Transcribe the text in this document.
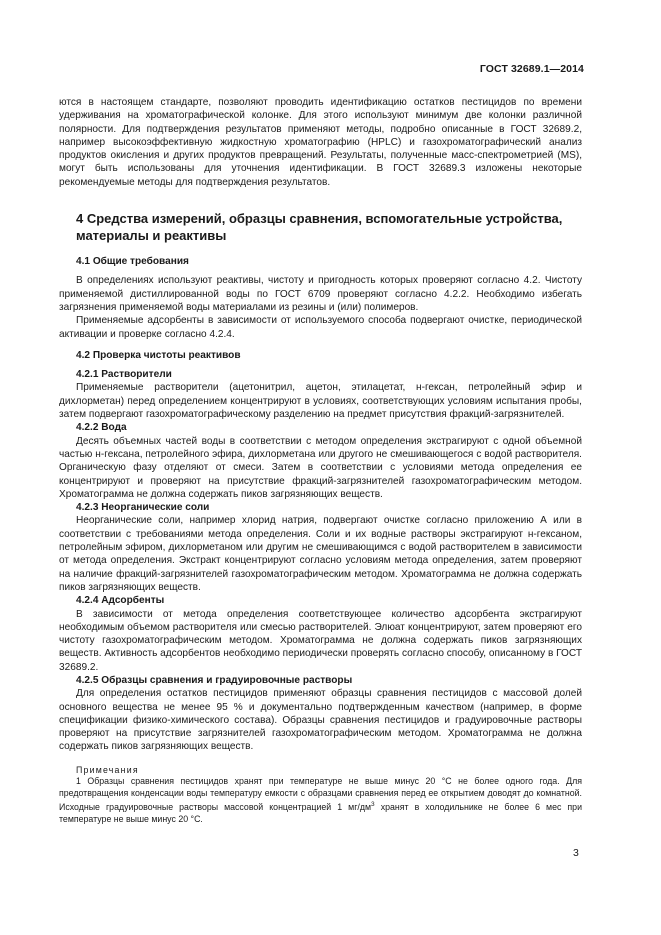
ГОСТ 32689.1—2014

ются в настоящем стандарте, позволяют проводить идентификацию остатков пестицидов по времени удерживания на хроматографической колонке. Для этого используют минимум две колонки различной полярности. Для подтверждения результатов применяют методы, подробно описанные в ГОСТ 32689.2, например высокоэффективную жидкостную хроматографию (HPLC) и газохроматографический анализ продуктов окисления и других продуктов превращений. Результаты, полученные масс-спектрометрией (MS), могут быть использованы для уточнения идентификации. В ГОСТ 32689.3 изложены некоторые рекомендуемые методы для подтверждения результатов.

4 Средства измерений, образцы сравнения, вспомогательные устройства, материалы и реактивы
4.1 Общие требования

В определениях используют реактивы, чистоту и пригодность которых проверяют согласно 4.2. Чистоту применяемой дистиллированной воды по ГОСТ 6709 проверяют согласно 4.2.2. Необходимо избегать загрязнения применяемой воды материалами из резины и (или) полимеров.

Применяемые адсорбенты в зависимости от используемого способа подвергают очистке, периодической активации и проверке согласно 4.2.4.

4.2 Проверка чистоты реактивов
4.2.1 Растворители

Применяемые растворители (ацетонитрил, ацетон, этилацетат, н-гексан, петролейный эфир и дихлорметан) перед определением концентрируют в условиях, соответствующих условиям испытания пробы, затем подвергают газохроматографическому разделению на предмет присутствия фракций-загрязнителей.

4.2.2 Вода

Десять объемных частей воды в соответствии с методом определения экстрагируют с одной объемной частью н-гексана, петролейного эфира, дихлорметана или другого не смешивающегося с водой растворителя. Органическую фазу отделяют от смеси. Затем в соответствии с условиями метода определения ее концентрируют и проверяют на присутствие фракций-загрязнителей газохроматографическим методом. Хроматограмма не должна содержать пиков загрязняющих веществ.

4.2.3 Неорганические соли

Неорганические соли, например хлорид натрия, подвергают очистке согласно приложению А или в соответствии с требованиями метода определения. Соли и их водные растворы экстрагируют н-гексаном, петролейным эфиром, дихлорметаном или другим не смешивающимся с водой растворителем в зависимости от метода определения. Экстракт концентрируют согласно условиям метода определения, затем проверяют на наличие фракций-загрязнителей газохроматографическим методом. Хроматограмма не должна содержать пиков загрязняющих веществ.

4.2.4 Адсорбенты

В зависимости от метода определения соответствующее количество адсорбента экстрагируют необходимым объемом растворителя или смесью растворителей. Элюат концентрируют, затем проверяют его чистоту газохроматографическим методом. Хроматограмма не должна содержать пиков загрязняющих веществ. Активность адсорбентов необходимо периодически проверять согласно способу, описанному в ГОСТ 32689.2.

4.2.5 Образцы сравнения и градуировочные растворы

Для определения остатков пестицидов применяют образцы сравнения пестицидов с массовой долей основного вещества не менее 95 % и документально подтвержденным качеством (например, в форме спецификации физико-химического состава). Образцы сравнения пестицидов и градуировочные растворы проверяют на присутствие загрязнителей газохроматографическим методом. Хроматограмма не должна содержать пиков загрязняющих веществ.

Примечания

1 Образцы сравнения пестицидов хранят при температуре не выше минус 20 °С не более одного года. Для предотвращения конденсации воды температуру емкости с образцами сравнения перед ее открытием доводят до комнатной. Исходные градуировочные растворы массовой концентрацией 1 $мг/дм^3$ хранят в холодильнике не более 6 мес при температуре не выше минус 20 °С.

3
